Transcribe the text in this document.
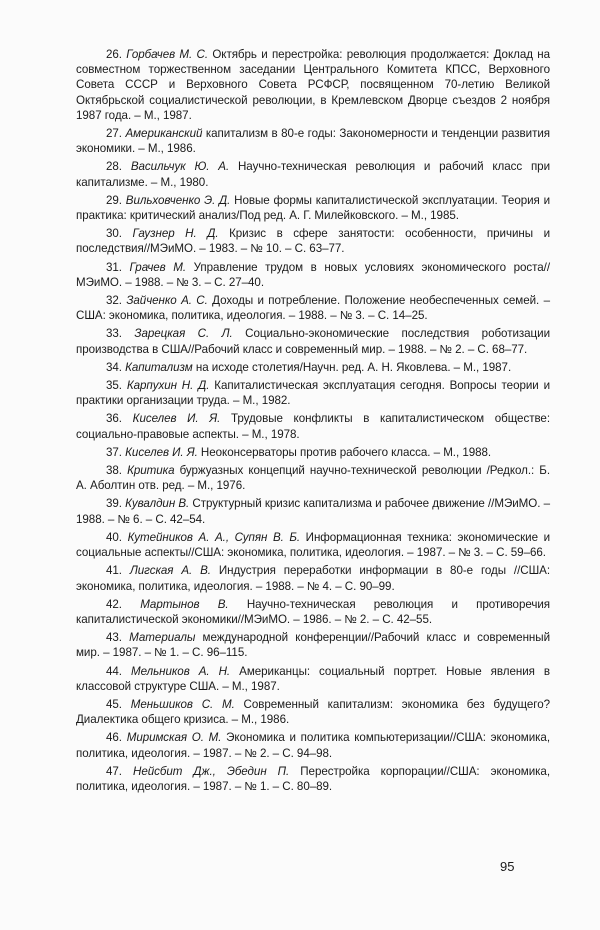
26. Горбачев М. С. Октябрь и перестройка: революция продолжается: Доклад на совместном торжественном заседании Центрального Комитета КПСС, Верховного Совета СССР и Верховного Совета РСФСР, посвященном 70-летию Великой Октябрьской социалистической революции, в Кремлевском Дворце съездов 2 ноября 1987 года. – М., 1987.
27. Американский капитализм в 80-е годы: Закономерности и тенденции развития экономики. – М., 1986.
28. Васильчук Ю. А. Научно-техническая революция и рабочий класс при капитализме. – М., 1980.
29. Вильховченко Э. Д. Новые формы капиталистической эксплуатации. Теория и практика: критический анализ/Под ред. А. Г. Милейковского. – М., 1985.
30. Гаузнер Н. Д. Кризис в сфере занятости: особенности, причины и последствия//МЭиМО. – 1983. – № 10. – С. 63–77.
31. Грачев М. Управление трудом в новых условиях экономического роста//МЭиМО. – 1988. – № 3. – С. 27–40.
32. Зайченко А. С. Доходы и потребление. Положение необеспеченных семей. – США: экономика, политика, идеология. – 1988. – № 3. – С. 14–25.
33. Зарецкая С. Л. Социально-экономические последствия роботизации производства в США//Рабочий класс и современный мир. – 1988. – № 2. – С. 68–77.
34. Капитализм на исходе столетия/Научн. ред. А. Н. Яковлева. – М., 1987.
35. Карпухин Н. Д. Капиталистическая эксплуатация сегодня. Вопросы теории и практики организации труда. – М., 1982.
36. Киселев И. Я. Трудовые конфликты в капиталистическом обществе: социально-правовые аспекты. – М., 1978.
37. Киселев И. Я. Неоконсерваторы против рабочего класса. – М., 1988.
38. Критика буржуазных концепций научно-технической революции /Редкол.: Б. А. Аболтин отв. ред. – М., 1976.
39. Кувалдин В. Структурный кризис капитализма и рабочее движение //МЭиМО. – 1988. – № 6. – С. 42–54.
40. Кутейников А. А., Супян В. Б. Информационная техника: экономические и социальные аспекты//США: экономика, политика, идеология. – 1987. – № 3. – С. 59–66.
41. Лигская А. В. Индустрия переработки информации в 80-е годы //США: экономика, политика, идеология. – 1988. – № 4. – С. 90–99.
42. Мартынов В. Научно-техническая революция и противоречия капиталистической экономики//МЭиМО. – 1986. – № 2. – С. 42–55.
43. Материалы международной конференции//Рабочий класс и современный мир. – 1987. – № 1. – С. 96–115.
44. Мельников А. Н. Американцы: социальный портрет. Новые явления в классовой структуре США. – М., 1987.
45. Меньшиков С. М. Современный капитализм: экономика без будущего? Диалектика общего кризиса. – М., 1986.
46. Миримская О. М. Экономика и политика компьютеризации//США: экономика, политика, идеология. – 1987. – № 2. – С. 94–98.
47. Нейсбит Дж., Эбедин П. Перестройка корпорации//США: экономика, политика, идеология. – 1987. – № 1. – С. 80–89.
95
